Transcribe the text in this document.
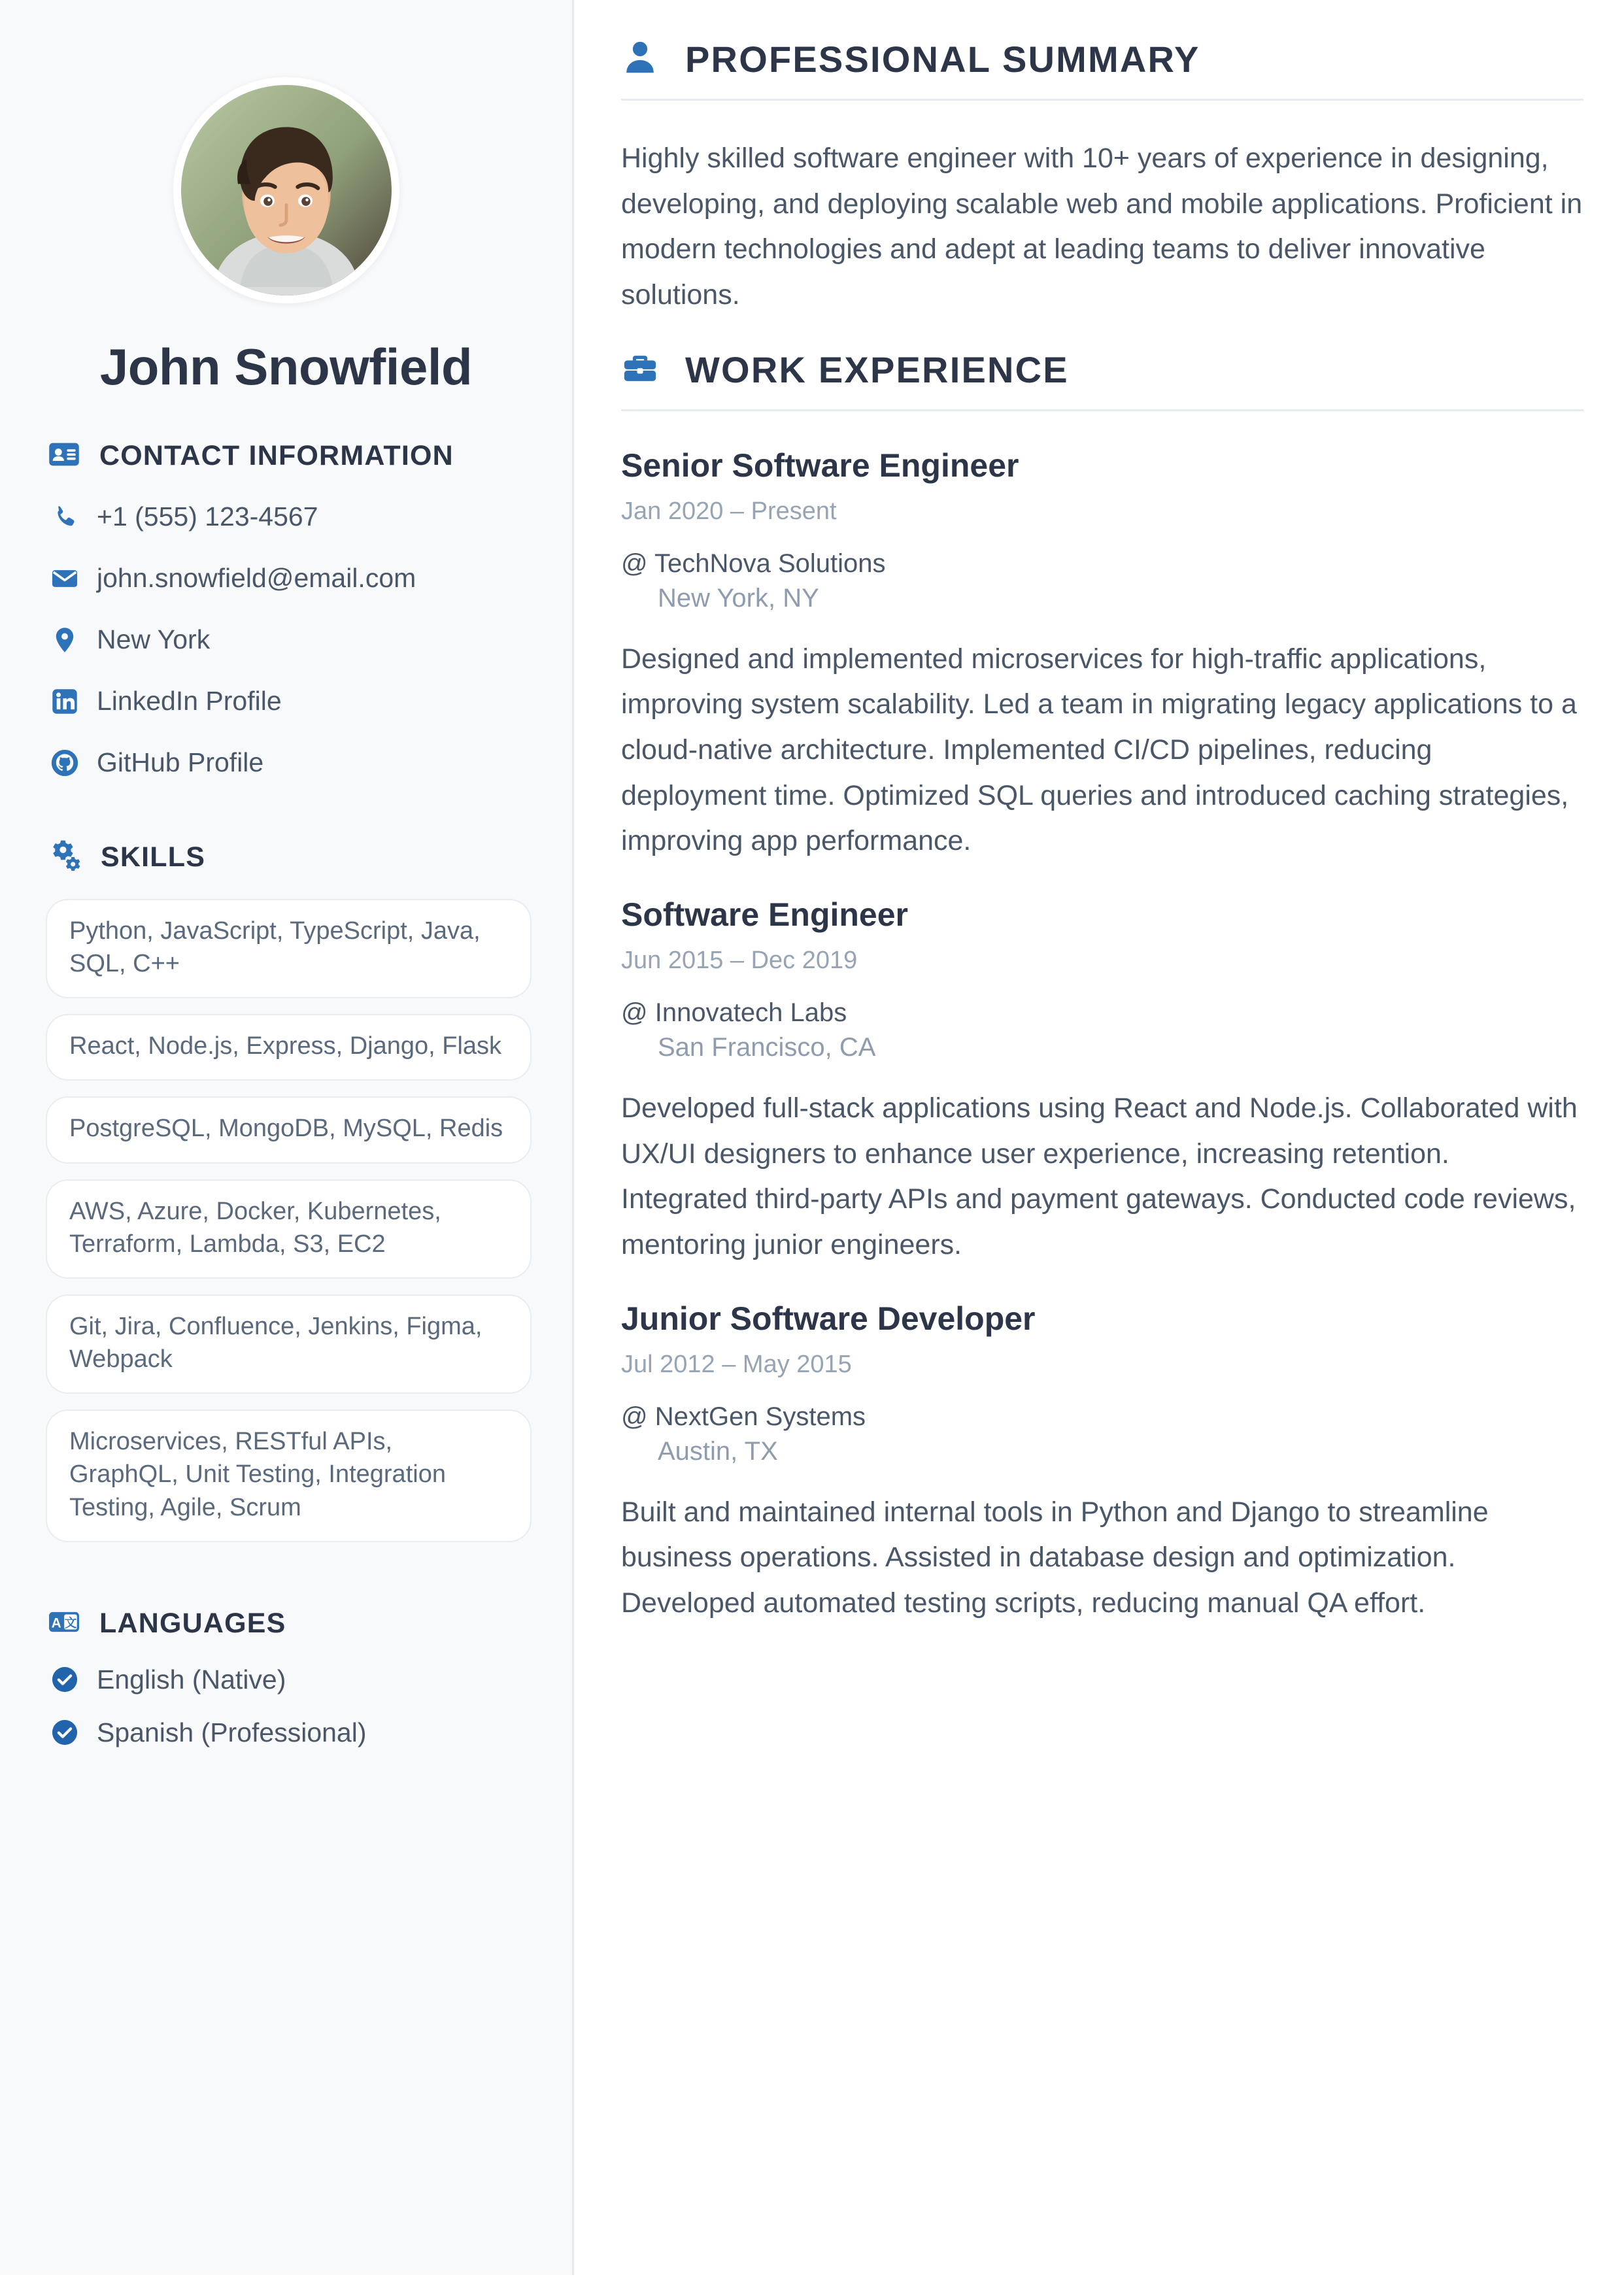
John Snowfield
CONTACT INFORMATION
+1 (555) 123-4567
john.snowfield@email.com
New York
LinkedIn Profile
GitHub Profile
SKILLS
Python, JavaScript, TypeScript, Java, SQL, C++
React, Node.js, Express, Django, Flask
PostgreSQL, MongoDB, MySQL, Redis
AWS, Azure, Docker, Kubernetes, Terraform, Lambda, S3, EC2
Git, Jira, Confluence, Jenkins, Figma, Webpack
Microservices, RESTful APIs, GraphQL, Unit Testing, Integration Testing, Agile, Scrum
A 文 LANGUAGES
English (Native)
Spanish (Professional)
PROFESSIONAL SUMMARY

Highly skilled software engineer with 10+ years of experience in designing, developing, and deploying scalable web and mobile applications. Proficient in modern technologies and adept at leading teams to deliver innovative solutions.

WORK EXPERIENCE
Senior Software Engineer
Jan 2020 – Present
@ TechNova Solutions
New York, NY
Designed and implemented microservices for high-traffic applications, improving system scalability. Led a team in migrating legacy applications to a cloud-native architecture. Implemented CI/CD pipelines, reducing deployment time. Optimized SQL queries and introduced caching strategies, improving app performance.
Software Engineer
Jun 2015 – Dec 2019
@ Innovatech Labs
San Francisco, CA
Developed full-stack applications using React and Node.js. Collaborated with UX/UI designers to enhance user experience, increasing retention. Integrated third-party APIs and payment gateways. Conducted code reviews, mentoring junior engineers.
Junior Software Developer
Jul 2012 – May 2015
@ NextGen Systems
Austin, TX
Built and maintained internal tools in Python and Django to streamline business operations. Assisted in database design and optimization. Developed automated testing scripts, reducing manual QA effort.
